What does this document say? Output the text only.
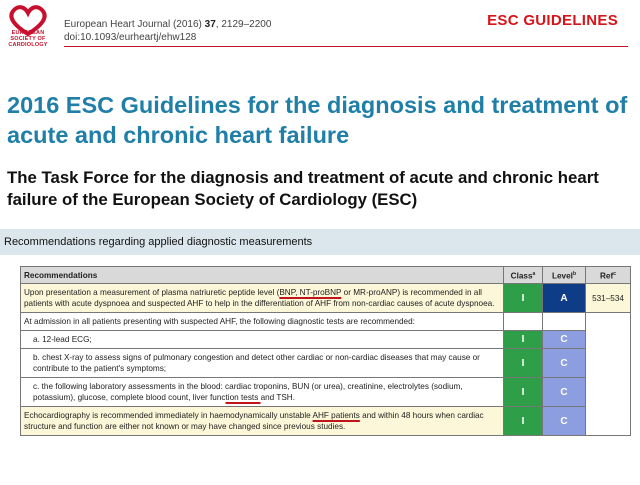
EUROPEAN SOCIETY OF CARDIOLOGY
European Heart Journal (2016) 37, 2129–2200
doi:10.1093/eurheartj/ehw128
ESC GUIDELINES
2016 ESC Guidelines for the diagnosis and treatment of acute and chronic heart failure
The Task Force for the diagnosis and treatment of acute and chronic heart failure of the European Society of Cardiology (ESC)
Recommendations regarding applied diagnostic measurements
Recommendations	Class$^a$	Level$^b$	Ref$^c$
Upon presentation a measurement of plasma natriuretic peptide level (BNP, NT-proBNP or MR-proANP) is recommended in all patients with acute dyspnoea and suspected AHF to help in the differentiation of AHF from non-cardiac causes of acute dyspnoea.	I	A	531–534
At admission in all patients presenting with suspected AHF, the following diagnostic tests are recommended:			
a. 12-lead ECG;	I	C	
b. chest X-ray to assess signs of pulmonary congestion and detect other cardiac or non-cardiac diseases that may cause or contribute to the patient's symptoms;	I	C	
c. the following laboratory assessments in the blood: cardiac troponins, BUN (or urea), creatinine, electrolytes (sodium, potassium), glucose, complete blood count, liver function tests and TSH.	I	C	
Echocardiography is recommended immediately in haemodynamically unstable AHF patients and within 48 hours when cardiac structure and function are either not known or may have changed since previous studies.	I	C	
